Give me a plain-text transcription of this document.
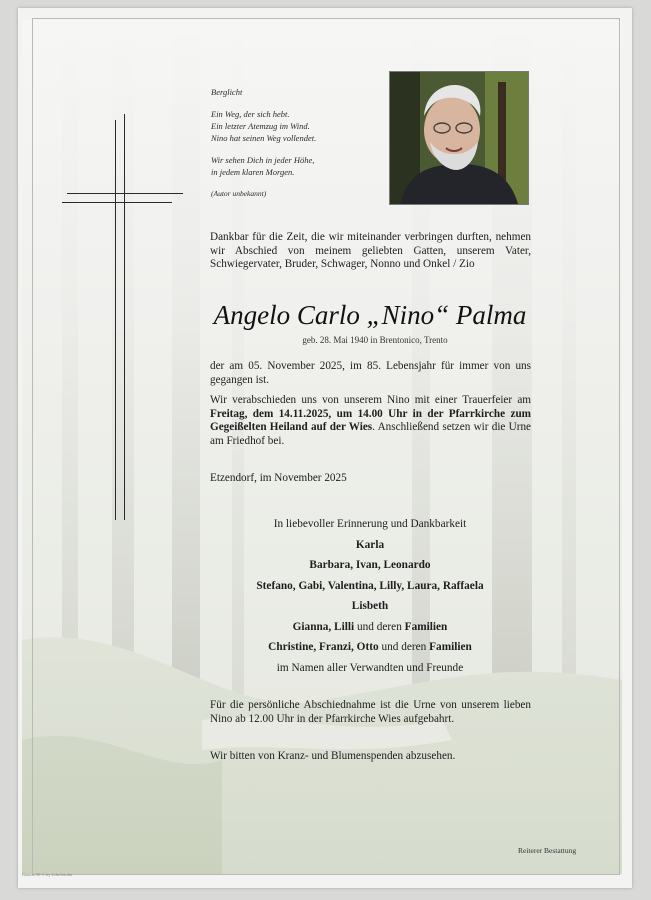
Berglicht

Ein Weg, der sich hebt.

Ein letzter Atemzug im Wind.

Nino hat seinen Weg vollendet.

Wir sehen Dich in jeder Höhe,

in jedem klaren Morgen.

(Autor unbekannt)

Dankbar für die Zeit, die wir miteinander verbringen durften, nehmen wir Abschied von meinem geliebten Gatten, unserem Vater, Schwiegervater, Bruder, Schwager, Nonno und Onkel / Zio
Angelo Carlo „Nino“ Palma
geb. 28. Mai 1940 in Brentonico, Trento
der am 05. November 2025, im 85. Lebensjahr für immer von uns gegangen ist.
Wir verabschieden uns von unserem Nino mit einer Trauerfeier am Freitag, dem 14.11.2025, um 14.00 Uhr in der Pfarrkirche zum Gegeißelten Heiland auf der Wies. Anschließend setzen wir die Urne am Friedhof bei.
Etzendorf, im November 2025
In liebevoller Erinnerung und Dankbarkeit
Karla
Barbara, Ivan, Leonardo
Stefano, Gabi, Valentina, Lilly, Laura, Raffaela
Lisbeth
Gianna, Lilli und deren Familien
Christine, Franzi, Otto und deren Familien
im Namen aller Verwandten und Freunde
Für die persönliche Abschiednahme ist die Urne von unserem lieben Nino ab 12.00 Uhr in der Pfarrkirche Wies aufgebahrt.
Wir bitten von Kranz- und Blumenspenden abzusehen.
Reiterer Bestattung
Bäume 50 © by Lilu/fotolia
